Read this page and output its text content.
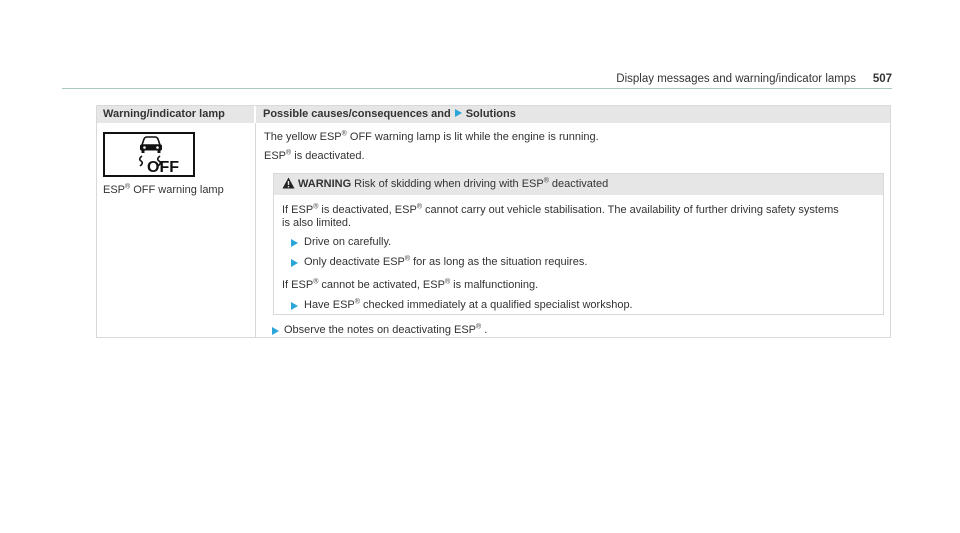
Display messages and warning/indicator lamps 507
Warning/indicator lamp	Possible causes/consequences and Solutions
OFF
ESP® OFF warning lamp
The yellow ESP® OFF warning lamp is lit while the engine is running.
ESP® is deactivated.
WARNING Risk of skidding when driving with ESP® deactivated
If ESP® is deactivated, ESP® cannot carry out vehicle stabilisation. The availability of further driving safety systems
is also limited.
Drive on carefully.
Only deactivate ESP® for as long as the situation requires.
If ESP® cannot be activated, ESP® is malfunctioning.
Have ESP® checked immediately at a qualified specialist workshop.
Observe the notes on deactivating ESP® .
